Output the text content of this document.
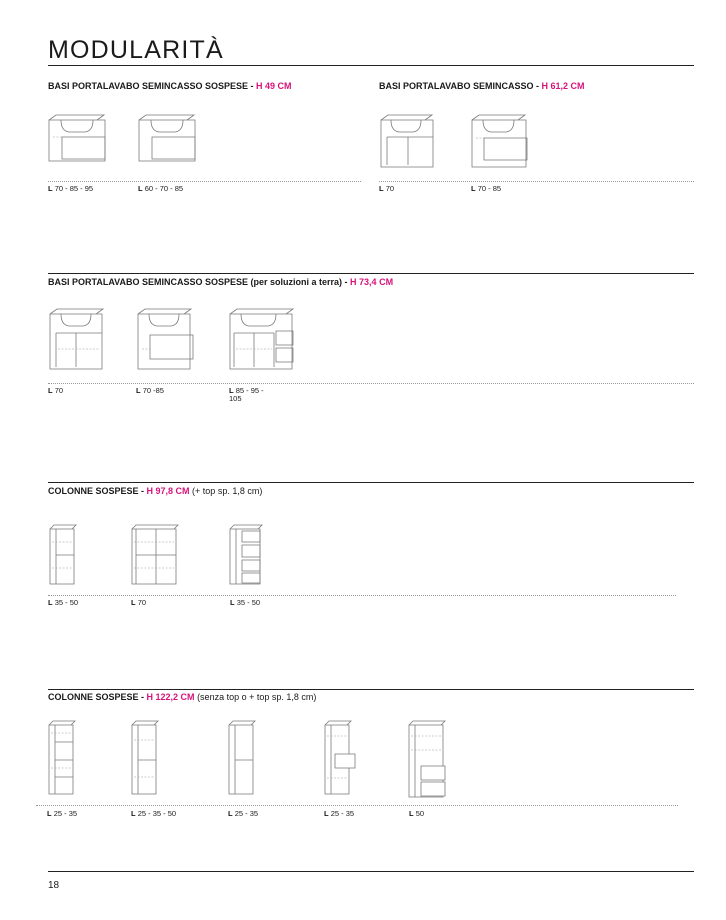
MODULARITÀ
BASI PORTALAVABO SEMINCASSO SOSPESE - H 49 CM
L 70 - 85 - 95	L 60 - 70 - 85
BASI PORTALAVABO SEMINCASSO - H 61,2 CM
L 70	L 70 - 85
BASI PORTALAVABO SEMINCASSO SOSPESE (per soluzioni a terra) - H 73,4 CM
L 70	L 70 -85	L 85 - 95 - 105
COLONNE SOSPESE - H 97,8 CM (+ top sp. 1,8 cm)
L 35 - 50	L 70	L 35 - 50
COLONNE SOSPESE - H 122,2 CM (senza top o + top sp. 1,8 cm)
L 25 - 35	L 25 - 35 - 50	L 25 - 35	L 25 - 35	L 50
18
